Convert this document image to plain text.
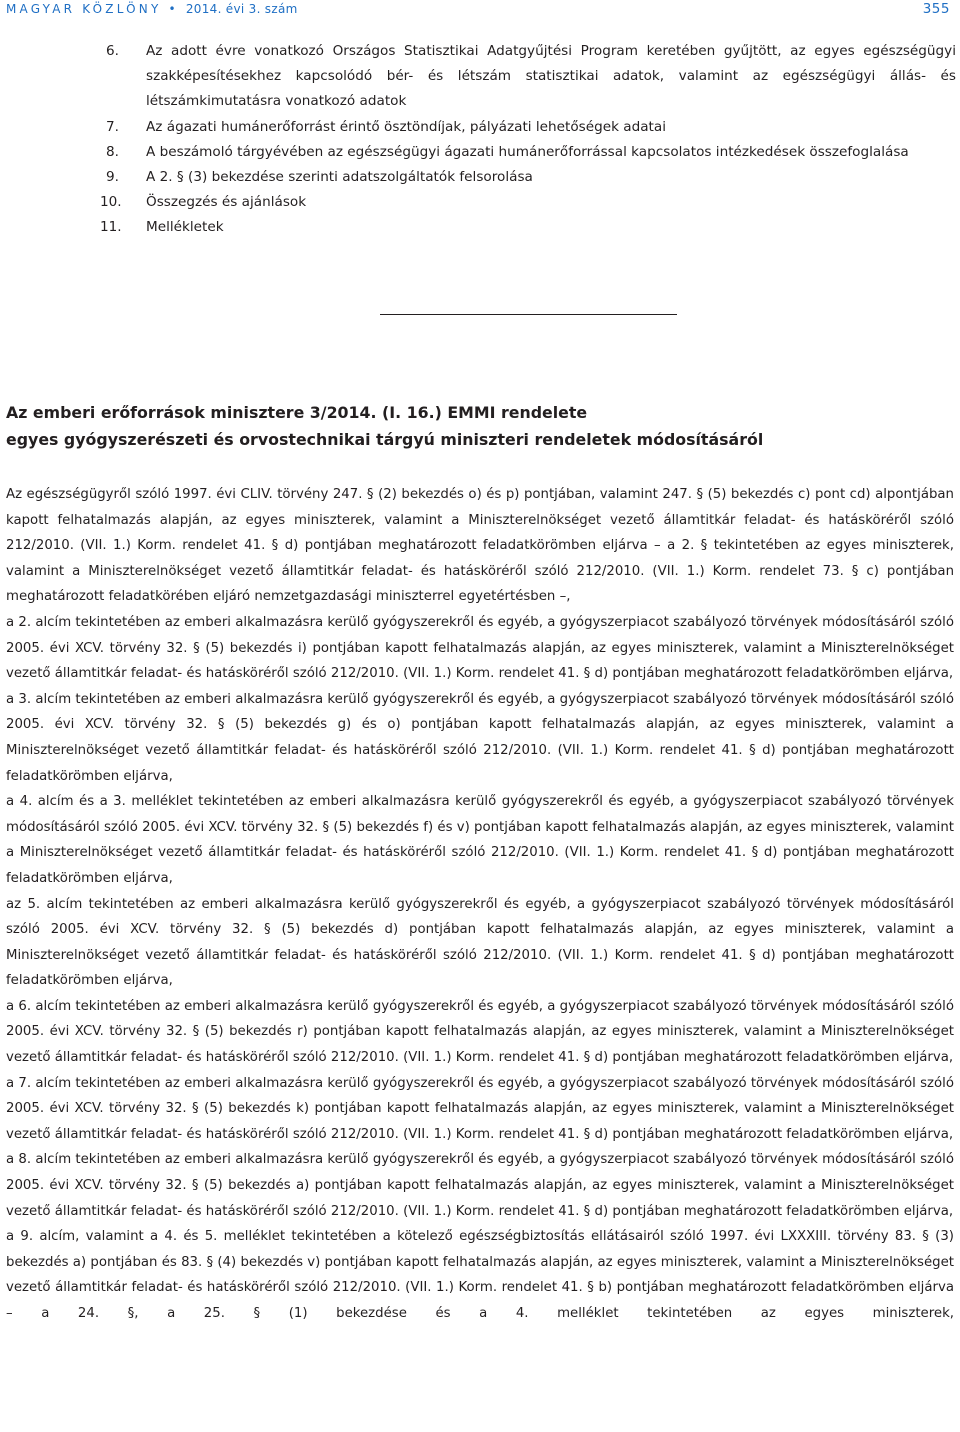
MAGYAR KÖZLÖNY • 2014. évi 3. szám	355
6. Az adott évre vonatkozó Országos Statisztikai Adatgyűjtési Program keretében gyűjtött, az egyes egészségügyi szakképesítésekhez kapcsolódó bér- és létszám statisztikai adatok, valamint az egészségügyi állás- és létszámkimutatásra vonatkozó adatok
7. Az ágazati humánerőforrást érintő ösztöndíjak, pályázati lehetőségek adatai
8. A beszámoló tárgyévében az egészségügyi ágazati humánerőforrással kapcsolatos intézkedések összefoglalása
9. A 2. § (3) bekezdése szerinti adatszolgáltatók felsorolása
10. Összegzés és ajánlások
11. Mellékletek
Az emberi erőforrások minisztere 3/2014. (I. 16.) EMMI rendelete
egyes gyógyszerészeti és orvostechnikai tárgyú miniszteri rendeletek módosításáról

Az egészségügyről szóló 1997. évi CLIV. törvény 247. § (2) bekezdés o) és p) pontjában, valamint 247. § (5) bekezdés c) pont cd) alpontjában kapott felhatalmazás alapján, az egyes miniszterek, valamint a Miniszterelnökséget vezető államtitkár feladat- és hatásköréről szóló 212/2010. (VII. 1.) Korm. rendelet 41. § d) pontjában meghatározott feladatkörömben eljárva – a 2. § tekintetében az egyes miniszterek, valamint a Miniszterelnökséget vezető államtitkár feladat- és hatásköréről szóló 212/2010. (VII. 1.) Korm. rendelet 73. § c) pontjában meghatározott feladatkörében eljáró nemzetgazdasági miniszterrel egyetértésben –,

a 2. alcím tekintetében az emberi alkalmazásra kerülő gyógyszerekről és egyéb, a gyógyszerpiacot szabályozó törvények módosításáról szóló 2005. évi XCV. törvény 32. § (5) bekezdés i) pontjában kapott felhatalmazás alapján, az egyes miniszterek, valamint a Miniszterelnökséget vezető államtitkár feladat- és hatásköréről szóló 212/2010. (VII. 1.) Korm. rendelet 41. § d) pontjában meghatározott feladatkörömben eljárva,

a 3. alcím tekintetében az emberi alkalmazásra kerülő gyógyszerekről és egyéb, a gyógyszerpiacot szabályozó törvények módosításáról szóló 2005. évi XCV. törvény 32. § (5) bekezdés g) és o) pontjában kapott felhatalmazás alapján, az egyes miniszterek, valamint a Miniszterelnökséget vezető államtitkár feladat- és hatásköréről szóló 212/2010. (VII. 1.) Korm. rendelet 41. § d) pontjában meghatározott feladatkörömben eljárva,

a 4. alcím és a 3. melléklet tekintetében az emberi alkalmazásra kerülő gyógyszerekről és egyéb, a gyógyszerpiacot szabályozó törvények módosításáról szóló 2005. évi XCV. törvény 32. § (5) bekezdés f) és v) pontjában kapott felhatalmazás alapján, az egyes miniszterek, valamint a Miniszterelnökséget vezető államtitkár feladat- és hatásköréről szóló 212/2010. (VII. 1.) Korm. rendelet 41. § d) pontjában meghatározott feladatkörömben eljárva,

az 5. alcím tekintetében az emberi alkalmazásra kerülő gyógyszerekről és egyéb, a gyógyszerpiacot szabályozó törvények módosításáról szóló 2005. évi XCV. törvény 32. § (5) bekezdés d) pontjában kapott felhatalmazás alapján, az egyes miniszterek, valamint a Miniszterelnökséget vezető államtitkár feladat- és hatásköréről szóló 212/2010. (VII. 1.) Korm. rendelet 41. § d) pontjában meghatározott feladatkörömben eljárva,

a 6. alcím tekintetében az emberi alkalmazásra kerülő gyógyszerekről és egyéb, a gyógyszerpiacot szabályozó törvények módosításáról szóló 2005. évi XCV. törvény 32. § (5) bekezdés r) pontjában kapott felhatalmazás alapján, az egyes miniszterek, valamint a Miniszterelnökséget vezető államtitkár feladat- és hatásköréről szóló 212/2010. (VII. 1.) Korm. rendelet 41. § d) pontjában meghatározott feladatkörömben eljárva,

a 7. alcím tekintetében az emberi alkalmazásra kerülő gyógyszerekről és egyéb, a gyógyszerpiacot szabályozó törvények módosításáról szóló 2005. évi XCV. törvény 32. § (5) bekezdés k) pontjában kapott felhatalmazás alapján, az egyes miniszterek, valamint a Miniszterelnökséget vezető államtitkár feladat- és hatásköréről szóló 212/2010. (VII. 1.) Korm. rendelet 41. § d) pontjában meghatározott feladatkörömben eljárva,

a 8. alcím tekintetében az emberi alkalmazásra kerülő gyógyszerekről és egyéb, a gyógyszerpiacot szabályozó törvények módosításáról szóló 2005. évi XCV. törvény 32. § (5) bekezdés a) pontjában kapott felhatalmazás alapján, az egyes miniszterek, valamint a Miniszterelnökséget vezető államtitkár feladat- és hatásköréről szóló 212/2010. (VII. 1.) Korm. rendelet 41. § d) pontjában meghatározott feladatkörömben eljárva,

a 9. alcím, valamint a 4. és 5. melléklet tekintetében a kötelező egészségbiztosítás ellátásairól szóló 1997. évi LXXXIII. törvény 83. § (3) bekezdés a) pontjában és 83. § (4) bekezdés v) pontjában kapott felhatalmazás alapján, az egyes miniszterek, valamint a Miniszterelnökséget vezető államtitkár feladat- és hatásköréről szóló 212/2010. (VII. 1.) Korm. rendelet 41. § b) pontjában meghatározott feladatkörömben eljárva – a 24. §, a 25. § (1) bekezdése és a 4. melléklet tekintetében az egyes miniszterek,
